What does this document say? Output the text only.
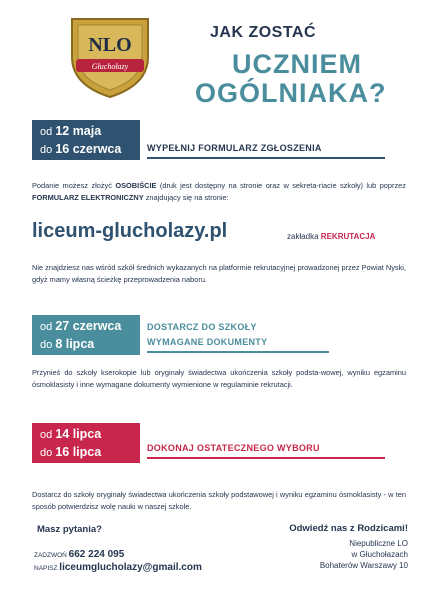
NLO
Głuchołazy
JAK ZOSTAĆ
UCZNIEM
OGÓLNIAKA?
od 12 maja
do 16 czerwca	WYPEŁNIJ FORMULARZ ZGŁOSZENIA
Podanie możesz złożyć OSOBIŚCIE (druk jest dostępny na stronie oraz w sekreta-riacie szkoły) lub poprzez FORMULARZ ELEKTRONICZNY znajdujący się na stronie:
liceum-glucholazy.pl	zakładka REKRUTACJA
Nie znajdziesz nas wśród szkół średnich wykazanych na platformie rekrutacyjnej prowadzonej przez Powiat Nyski, gdyż mamy własną ścieżkę przeprowadzenia naboru.
od 27 czerwca
do 8 lipca
DOSTARCZ DO SZKOŁY
WYMAGANE DOKUMENTY
Przynieś do szkoły kserokopie lub oryginały świadectwa ukończenia szkoły podsta-wowej, wyniku egzaminu ósmoklasisty i inne wymagane dokumenty wymienione w regulaminie rekrutacji.
od 14 lipca
do 16 lipca	DOKONAJ OSTATECZNEGO WYBORU
Dostarcz do szkoły oryginały świadectwa ukończenia szkoły podstawowej i wyniku egzaminu ósmoklasisty - w ten sposób potwierdzisz wolę nauki w naszej szkole.
Masz pytania?
ZADZWOŃ 662 224 095
NAPISZ liceumglucholazy@gmail.com
Odwiedź nas z Rodzicami!
Niepubliczne LO
w Głuchołazach
Bohaterów Warszawy 10
